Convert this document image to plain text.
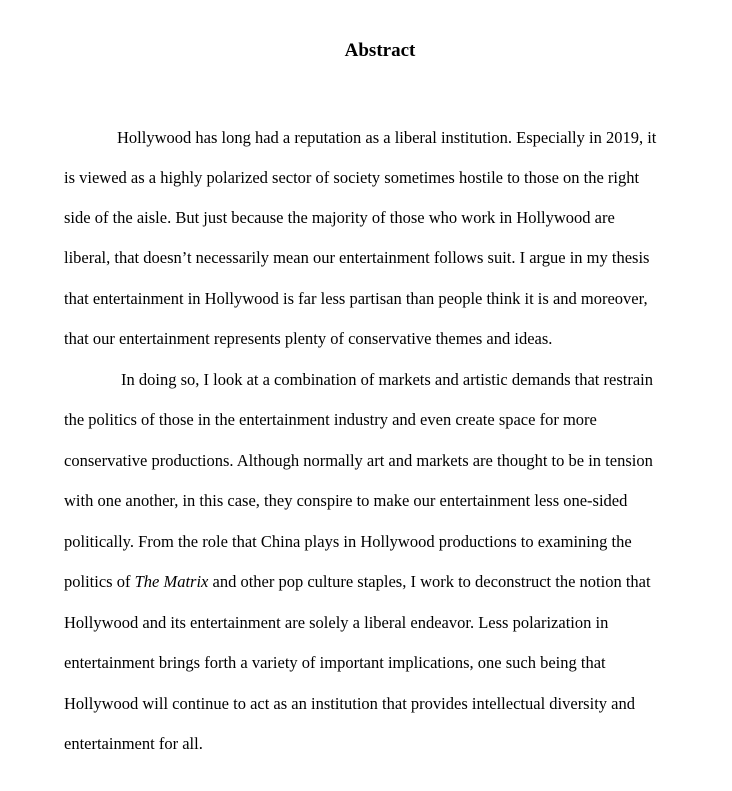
Abstract
Hollywood has long had a reputation as a liberal institution. Especially in 2019, it
is viewed as a highly polarized sector of society sometimes hostile to those on the right
side of the aisle. But just because the majority of those who work in Hollywood are
liberal, that doesn’t necessarily mean our entertainment follows suit. I argue in my thesis
that entertainment in Hollywood is far less partisan than people think it is and moreover,
that our entertainment represents plenty of conservative themes and ideas.
In doing so, I look at a combination of markets and artistic demands that restrain
the politics of those in the entertainment industry and even create space for more
conservative productions. Although normally art and markets are thought to be in tension
with one another, in this case, they conspire to make our entertainment less one-sided
politically. From the role that China plays in Hollywood productions to examining the
politics of The Matrix and other pop culture staples, I work to deconstruct the notion that
Hollywood and its entertainment are solely a liberal endeavor. Less polarization in
entertainment brings forth a variety of important implications, one such being that
Hollywood will continue to act as an institution that provides intellectual diversity and
entertainment for all.
